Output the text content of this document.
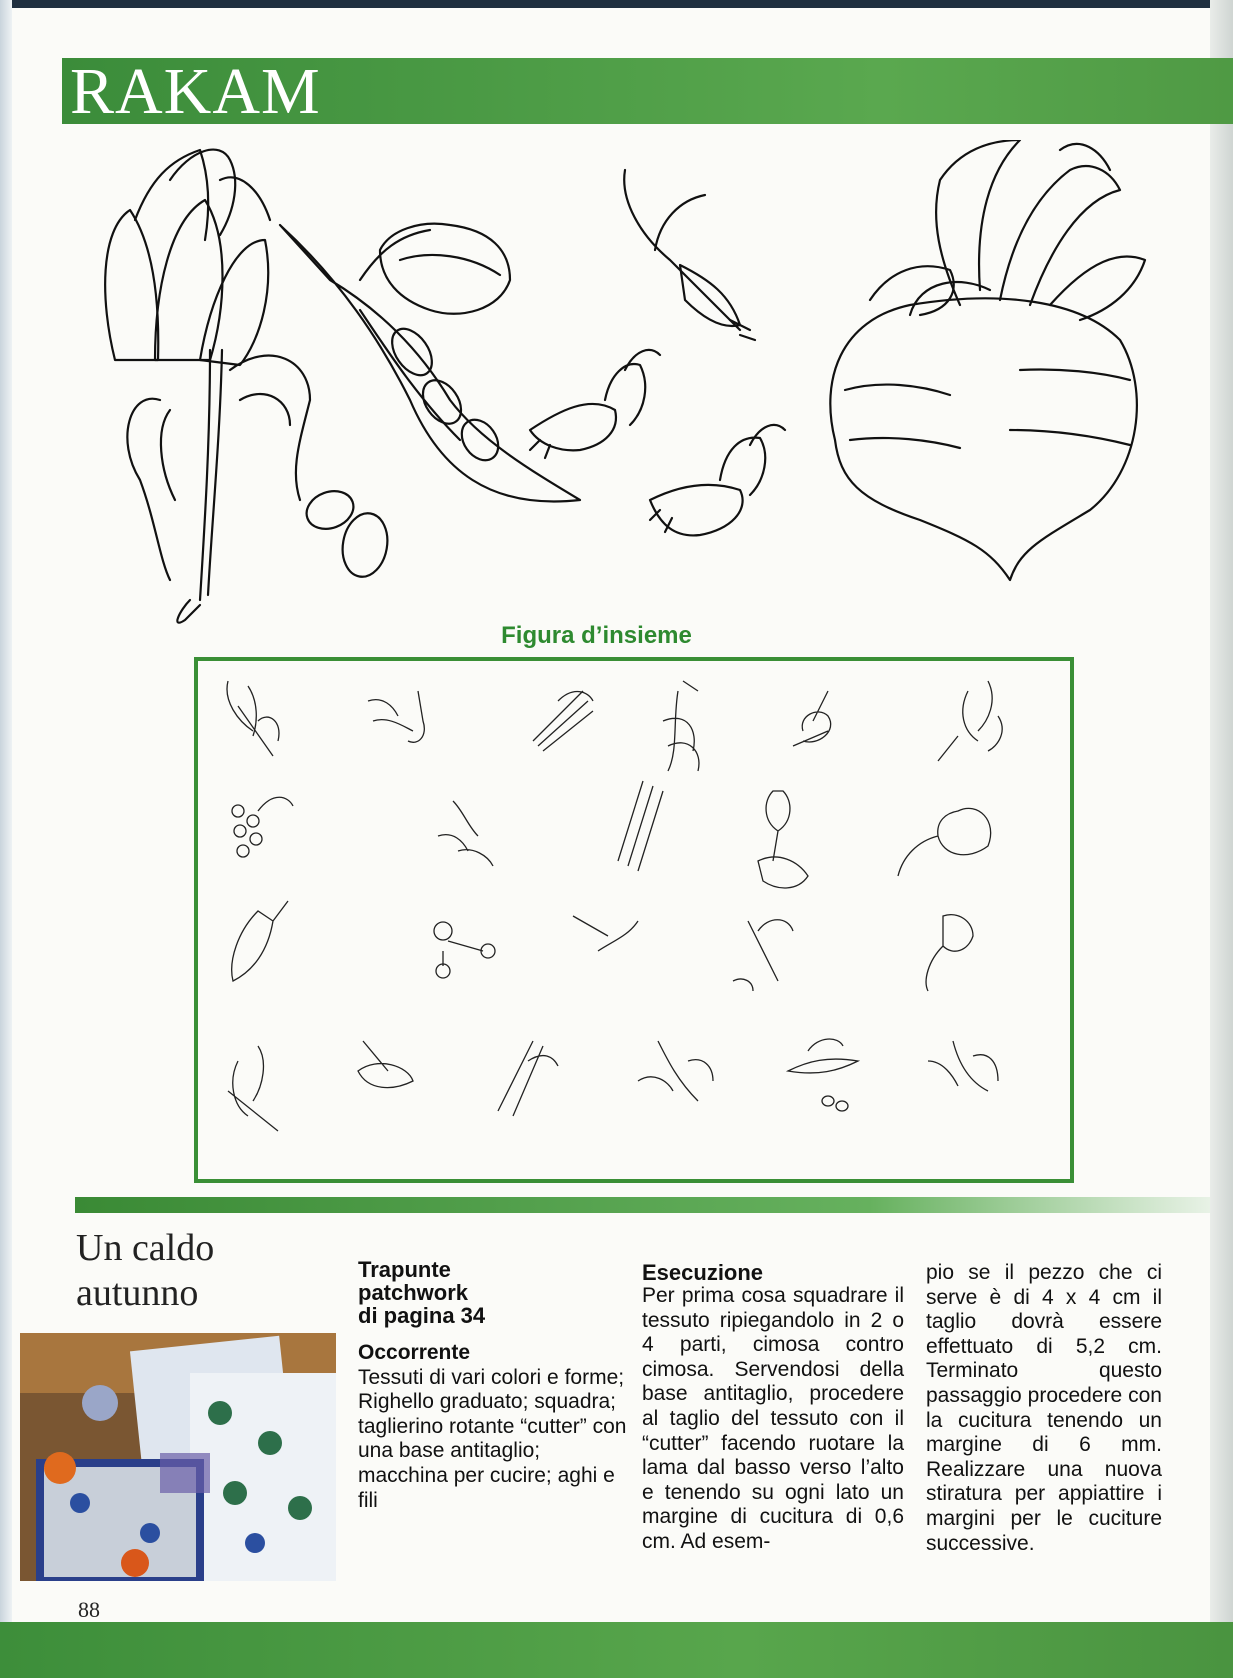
RAKAM
Figura d’insieme
Un caldo
autunno
88
Trapunte
patchwork
di pagina 34
Occorrente
Tessuti di vari colori e forme; Righello graduato; squadra; taglierino rotante “cutter” con una base antitaglio; macchina per cucire; aghi e fili
Esecuzione
Per prima cosa squadrare il tessuto ripiegandolo in 2 o 4 parti, cimosa contro cimosa. Servendosi della base antitaglio, procedere al taglio del tessuto con il “cutter” facendo ruotare la lama dal basso verso l’alto e tenendo su ogni lato un margine di cucitura di 0,6 cm. Ad esem-
pio se il pezzo che ci serve è di 4 x 4 cm il taglio dovrà essere effettuato di 5,2 cm. Terminato questo passaggio procedere con la cucitura tenendo un margine di 6 mm. Realizzare una nuova stiratura per appiattire i margini per le cuciture successive.
